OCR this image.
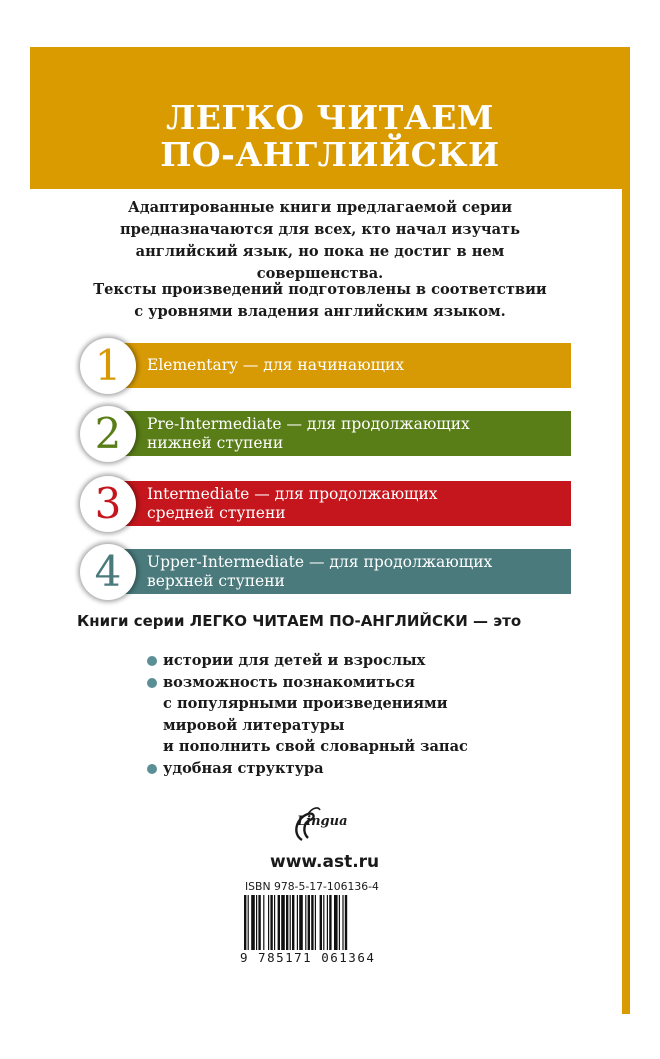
ЛЕГКО ЧИТАЕМ
ПО-АНГЛИЙСКИ
Адаптированные книги предлагаемой серии
предназначаются для всех, кто начал изучать
английский язык, но пока не достиг в нем
совершенства.
Тексты произведений подготовлены в соответствии
с уровнями владения английским языком.
Elementary — для начинающих
1
Pre-Intermediate — для продолжающих
нижней ступени
2
Intermediate — для продолжающих
средней ступени
3
Upper-Intermediate — для продолжающих
верхней ступени
4
Книги серии ЛЕГКО ЧИТАЕМ ПО-АНГЛИЙСКИ — это
истории для детей и взрослых
возможность познакомиться
с популярными произведениями
мировой литературы
и пополнить свой словарный запас
удобная структура
Lingua
www.ast.ru
ISBN 978-5-17-106136-4
9 785171 061364
